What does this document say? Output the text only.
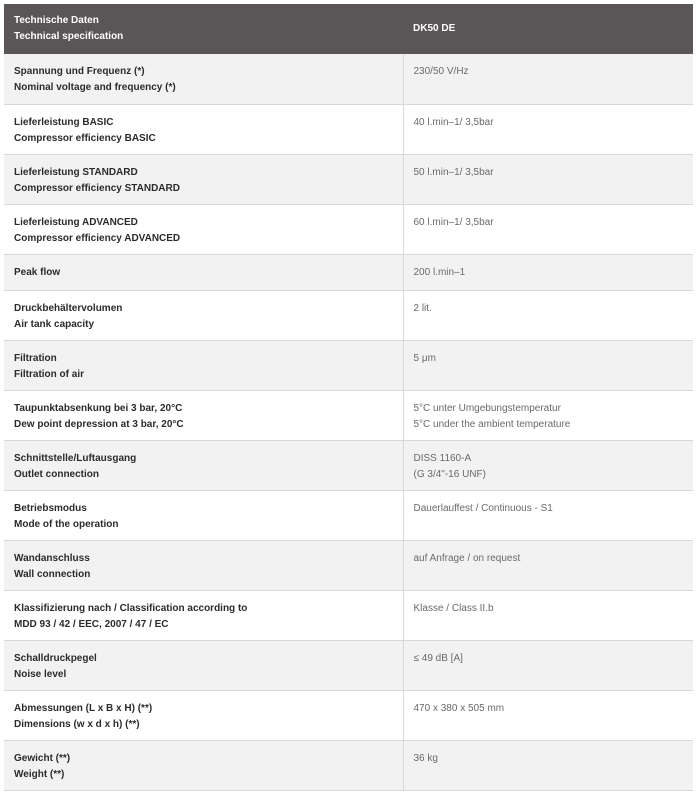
Technische Daten
Technical specification	DK50 DE

Spannung und Frequenz (*)
Nominal voltage and frequency (*)	230/50 V/Hz

Lieferleistung BASIC
Compressor efficiency BASIC	40 l.min–1/ 3,5bar

Lieferleistung STANDARD
Compressor efficiency STANDARD	50 l.min–1/ 3,5bar

Lieferleistung ADVANCED
Compressor efficiency ADVANCED	60 l.min–1/ 3,5bar

Peak flow	200 l.min–1

Druckbehältervolumen
Air tank capacity	2 lit.

Filtration
Filtration of air	5 μm

Taupunktabsenkung bei 3 bar, 20°C
Dew point depression at 3 bar, 20°C	5°C unter Umgebungstemperatur
5°C under the ambient temperature

Schnittstelle/Luftausgang
Outlet connection	DISS 1160-A
(G 3/4"-16 UNF)

Betriebsmodus
Mode of the operation	Dauerlauffest / Continuous - S1

Wandanschluss
Wall connection	auf Anfrage / on request

Klassifizierung nach / Classification according to
MDD 93 / 42 / EEC, 2007 / 47 / EC	Klasse / Class II.b

Schalldruckpegel
Noise level	≤ 49 dB [A]

Abmessungen (L x B x H) (**)
Dimensions (w x d x h) (**)	470 x 380 x 505 mm

Gewicht (**)
Weight (**)	36 kg
